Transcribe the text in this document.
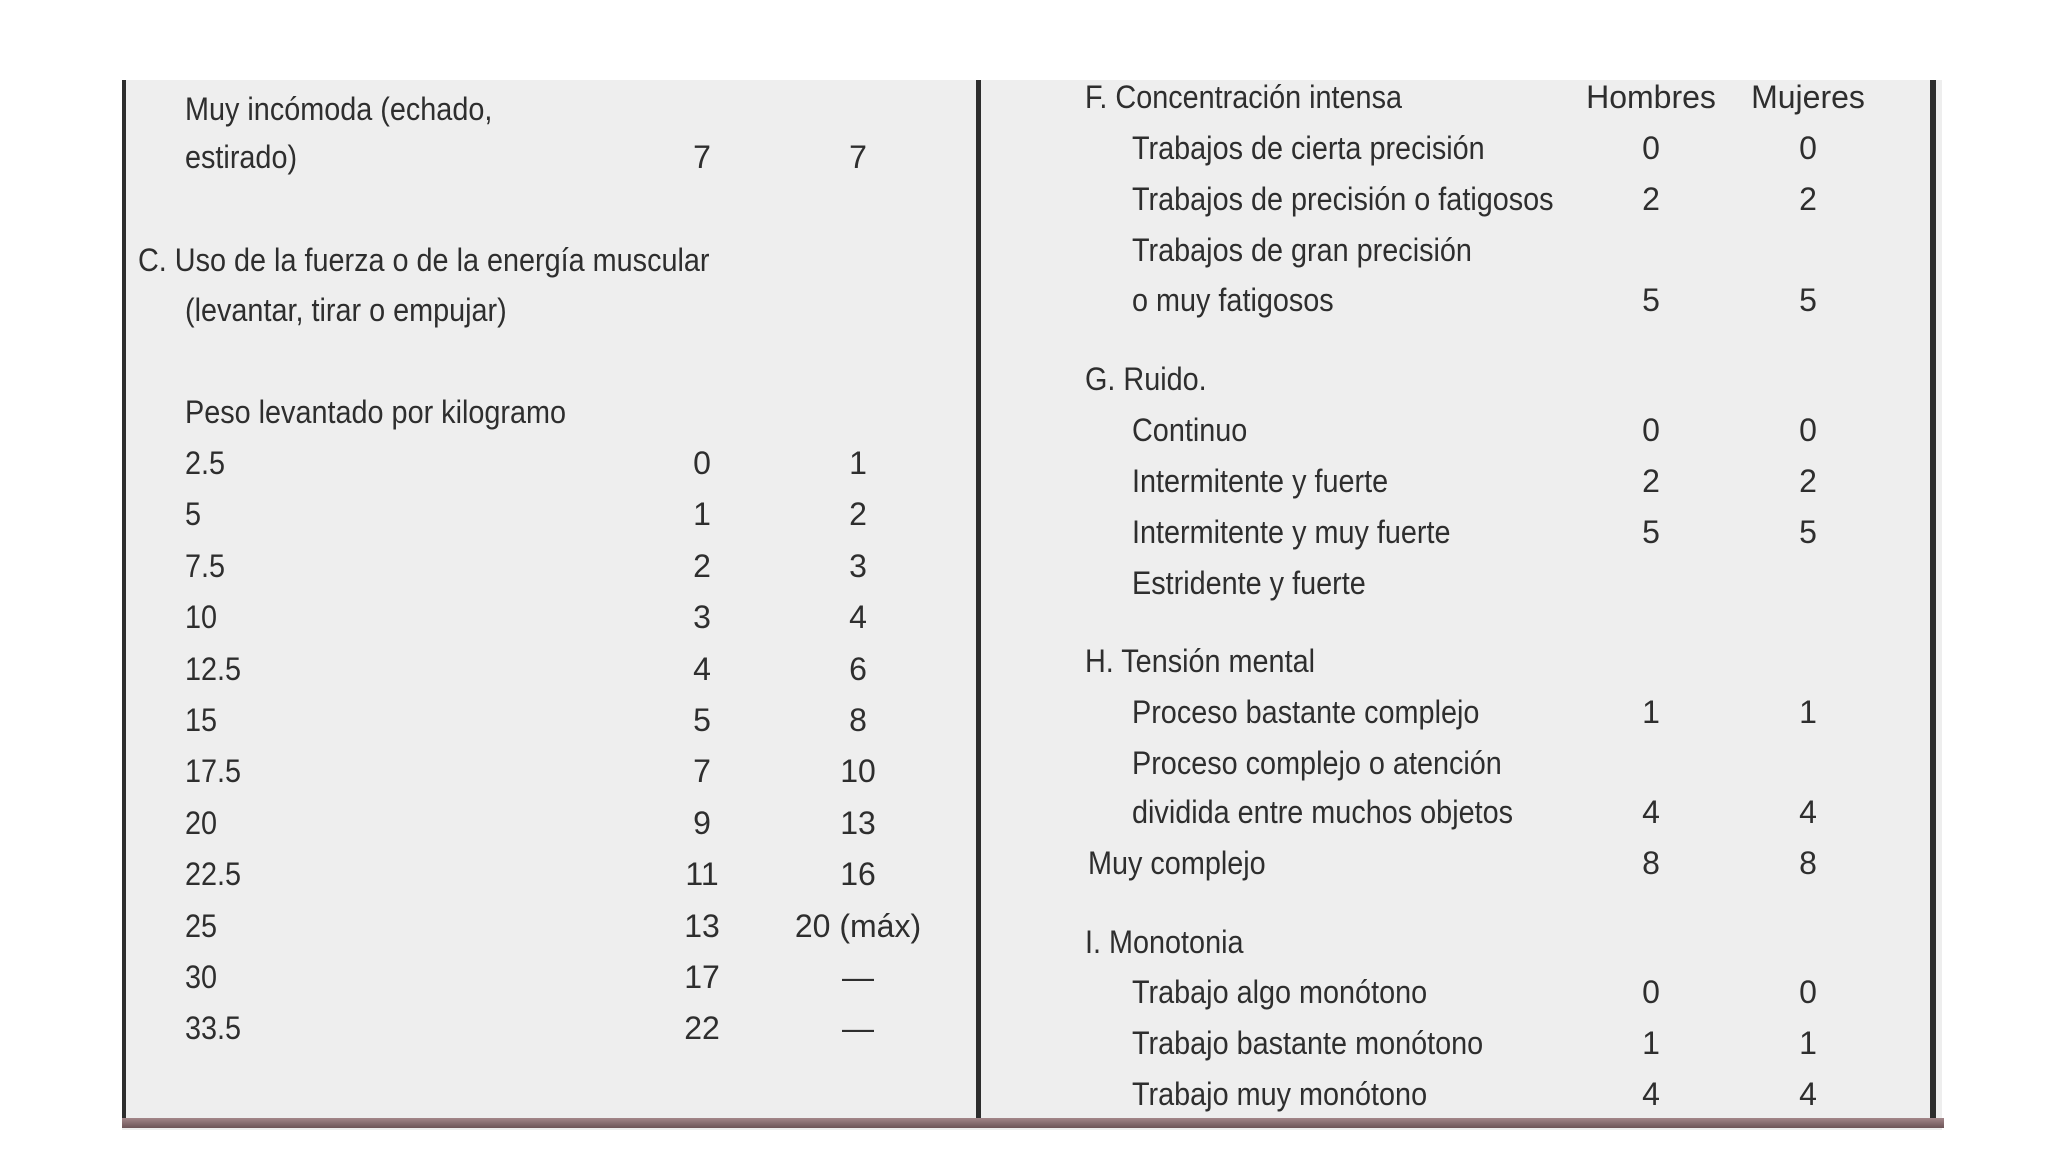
Muy incómoda (echado,
estirado)	7	7
C. Uso de la fuerza o de la energía muscular
(levantar, tirar o empujar)
Peso levantado por kilogramo
2.5	0	1
5	1	2
7.5	2	3
10	3	4
12.5	4	6
15	5	8
17.5	7	10
20	9	13
22.5	11	16
25	13	20 (máx)
30	17	—
33.5	22	—
F. Concentración intensa	Hombres	Mujeres
Trabajos de cierta precisión	0	0
Trabajos de precisión o fatigosos	2	2
Trabajos de gran precisión
o muy fatigosos	5	5
G. Ruido.
Continuo	0	0
Intermitente y fuerte	2	2
Intermitente y muy fuerte	5	5
Estridente y fuerte
H. Tensión mental
Proceso bastante complejo	1	1
Proceso complejo o atención
dividida entre muchos objetos	4	4
Muy complejo	8	8
I. Monotonia
Trabajo algo monótono	0	0
Trabajo bastante monótono	1	1
Trabajo muy monótono	4	4
